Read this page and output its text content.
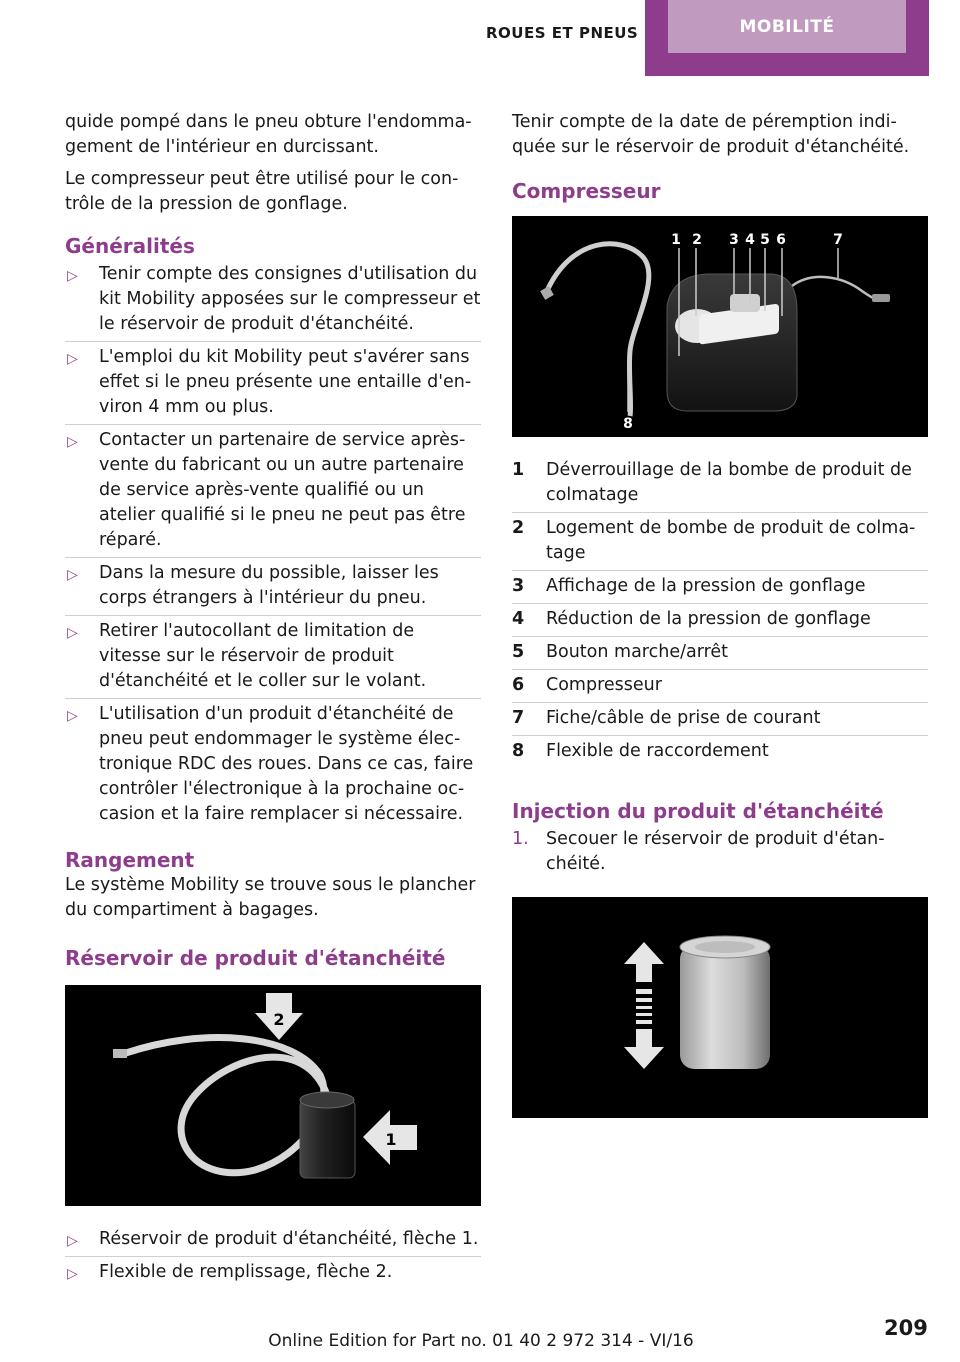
ROUES ET PNEUS	MOBILITÉ

quide pompé dans le pneu obture l'endomma-gement de l'intérieur en durcissant.

Le compresseur peut être utilisé pour le con-trôle de la pression de gonflage.

Généralités
▷ Tenir compte des consignes d'utilisation du kit Mobility apposées sur le compresseur et le réservoir de produit d'étanchéité.
▷ L'emploi du kit Mobility peut s'avérer sans effet si le pneu présente une entaille d'en-viron 4 mm ou plus.
▷ Contacter un partenaire de service après-vente du fabricant ou un autre partenaire de service après-vente qualifié ou un atelier qualifié si le pneu ne peut pas être réparé.
▷ Dans la mesure du possible, laisser les corps étrangers à l'intérieur du pneu.
▷ Retirer l'autocollant de limitation de vitesse sur le réservoir de produit d'étanchéité et le coller sur le volant.
▷ L'utilisation d'un produit d'étanchéité de pneu peut endommager le système élec-tronique RDC des roues. Dans ce cas, faire contrôler l'électronique à la prochaine oc-casion et la faire remplacer si nécessaire.
Rangement

Le système Mobility se trouve sous le plancher du compartiment à bagages.

Réservoir de produit d'étanchéité
2
1
▷ Réservoir de produit d'étanchéité, flèche 1.
▷ Flexible de remplissage, flèche 2.

Tenir compte de la date de péremption indi-quée sur le réservoir de produit d'étanchéité.

Compresseur
1 2 3 4 5 6	7
8
1 Déverrouillage de la bombe de produit de colmatage
2 Logement de bombe de produit de colma-tage
3 Affichage de la pression de gonflage
4 Réduction de la pression de gonflage
5 Bouton marche/arrêt
6 Compresseur
7 Fiche/câble de prise de courant
8 Flexible de raccordement
Injection du produit d'étanchéité
1. Secouer le réservoir de produit d'étan-chéité.
209
Online Edition for Part no. 01 40 2 972 314 - VI/16
